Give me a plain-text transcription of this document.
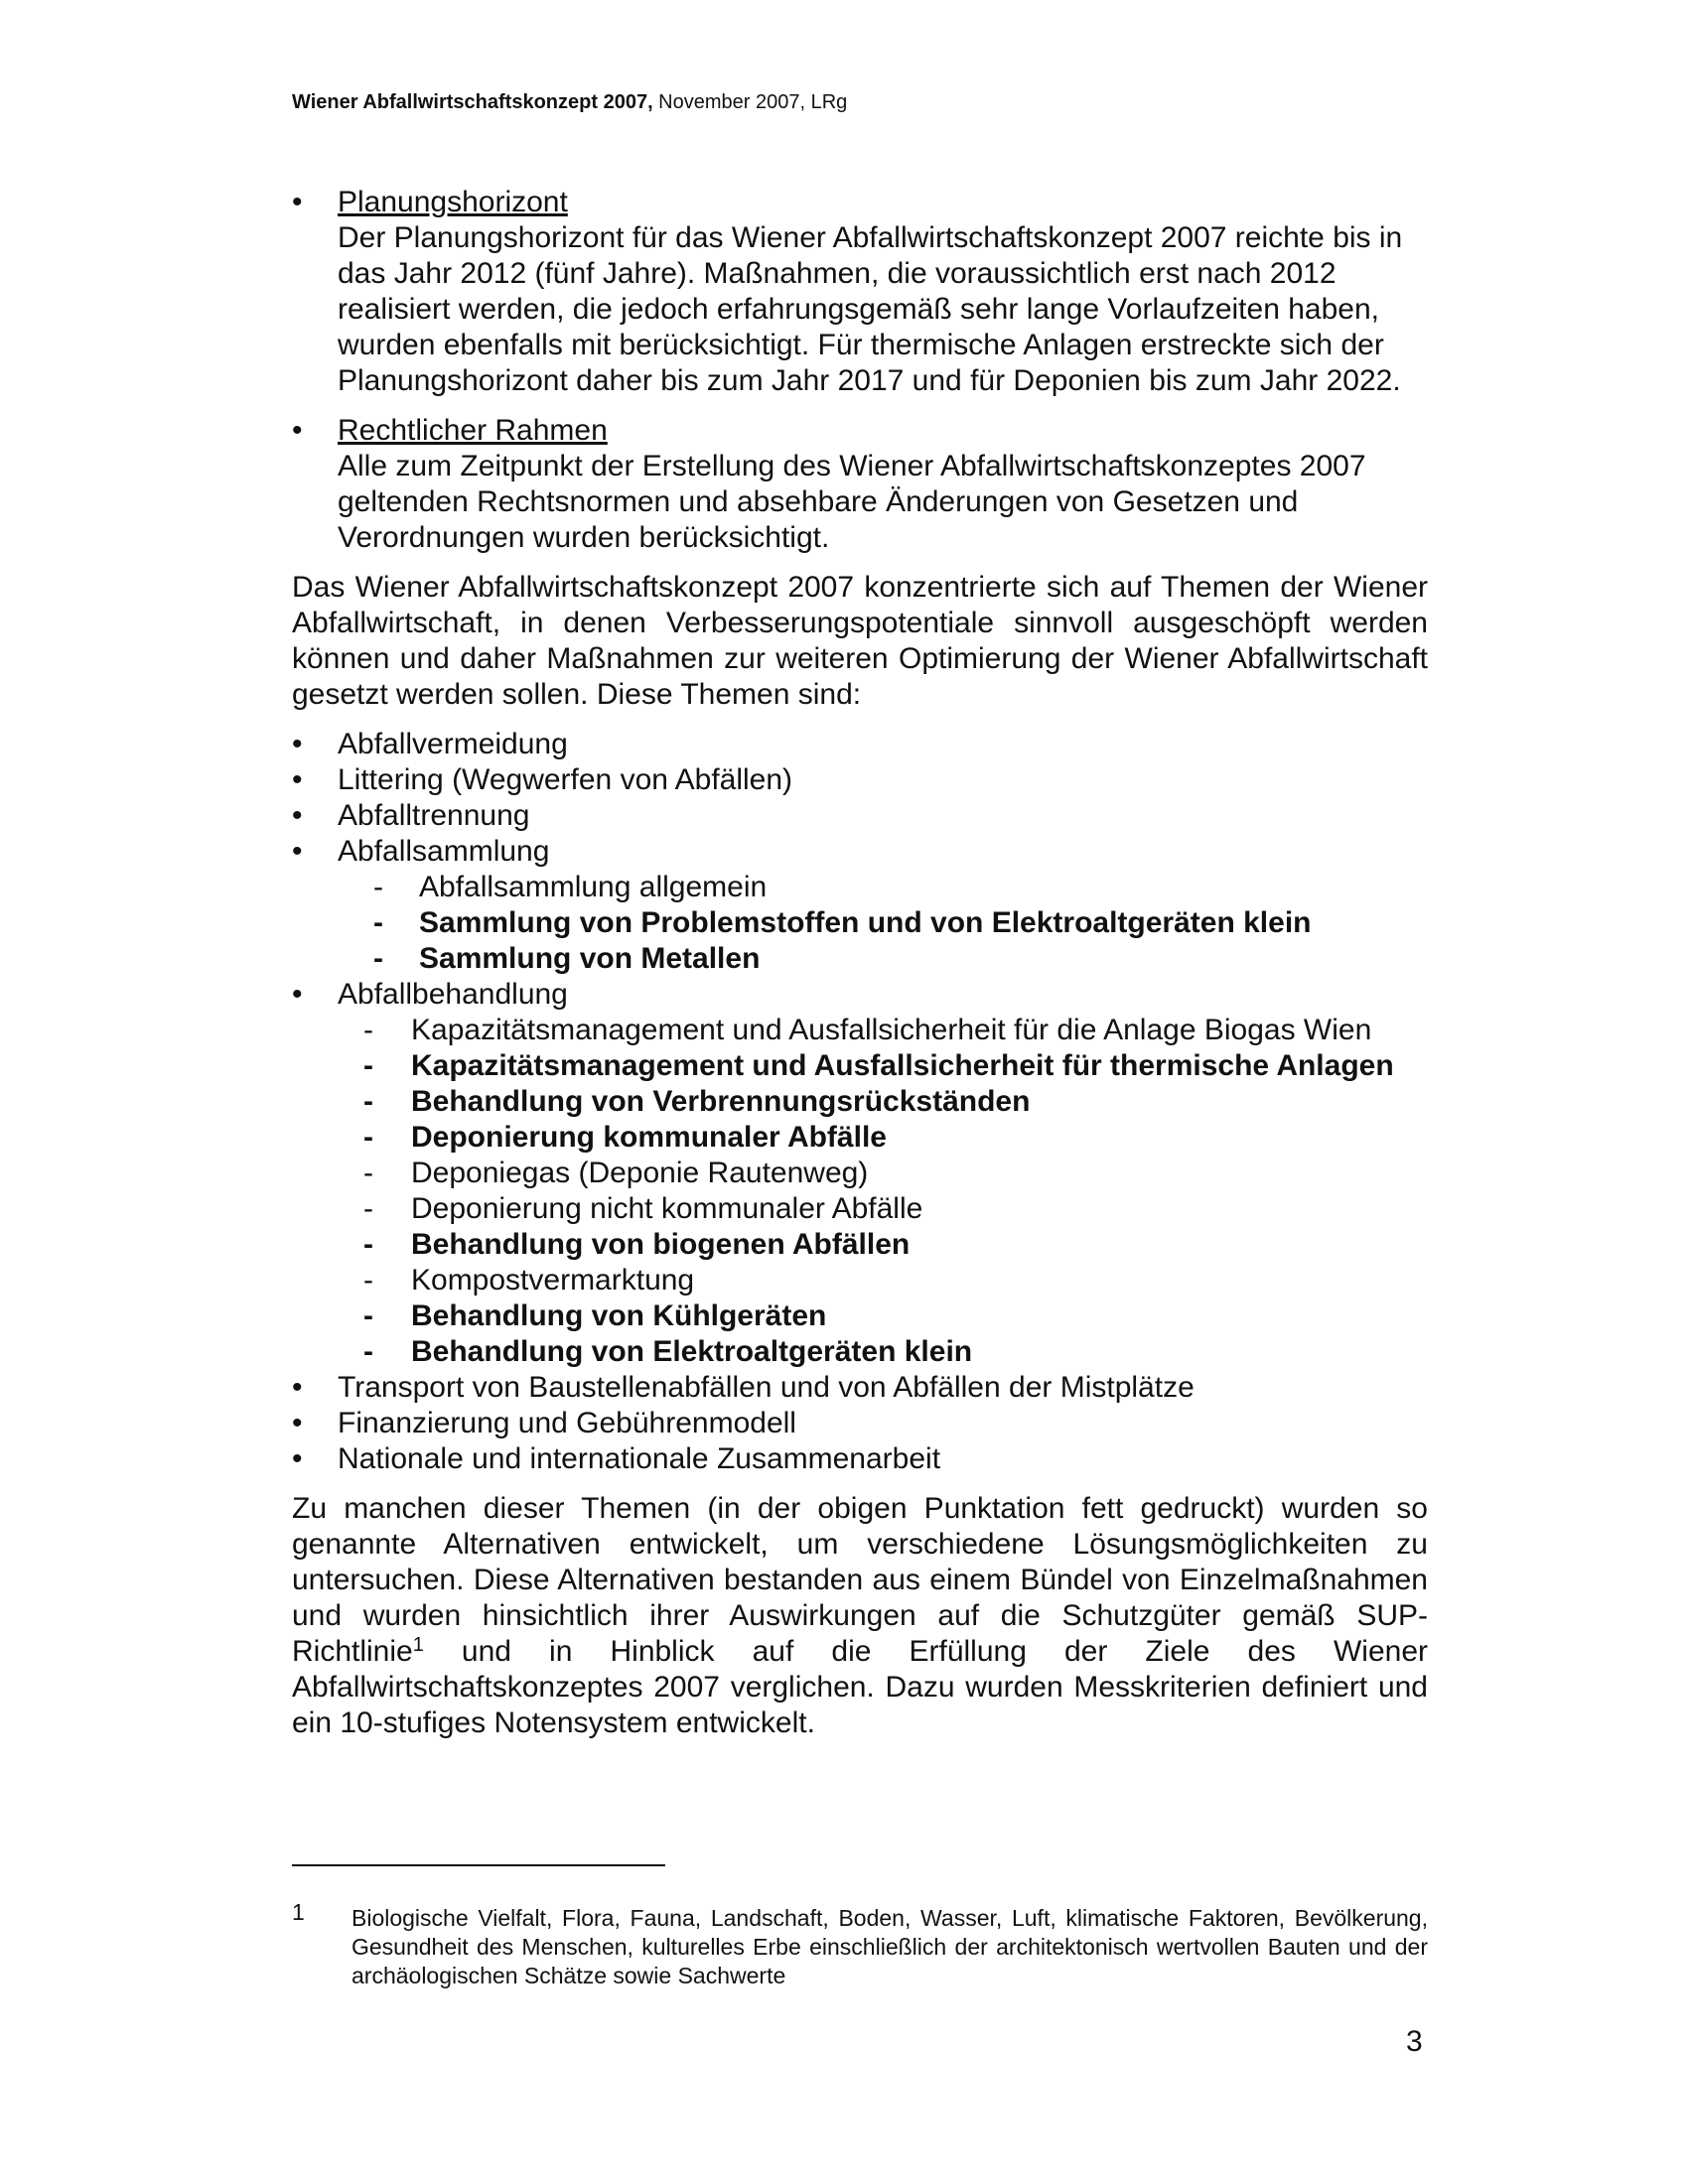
Wiener Abfallwirtschaftskonzept 2007, November 2007, LRg
• Planungshorizont
Der Planungshorizont für das Wiener Abfallwirtschaftskonzept 2007 reichte bis in das Jahr 2012 (fünf Jahre). Maßnahmen, die voraussichtlich erst nach 2012 realisiert werden, die jedoch erfahrungsgemäß sehr lange Vorlaufzeiten haben, wurden ebenfalls mit berücksichtigt. Für thermische Anlagen erstreckte sich der Planungshorizont daher bis zum Jahr 2017 und für Deponien bis zum Jahr 2022.
• Rechtlicher Rahmen
Alle zum Zeitpunkt der Erstellung des Wiener Abfallwirtschaftskonzeptes 2007 geltenden Rechtsnormen und absehbare Änderungen von Gesetzen und Verordnungen wurden berücksichtigt.
Das Wiener Abfallwirtschaftskonzept 2007 konzentrierte sich auf Themen der Wiener Abfallwirtschaft, in denen Verbesserungspotentiale sinnvoll ausgeschöpft werden können und daher Maßnahmen zur weiteren Optimierung der Wiener Abfallwirtschaft gesetzt werden sollen. Diese Themen sind:
• Abfallvermeidung
• Littering (Wegwerfen von Abfällen)
• Abfalltrennung
• Abfallsammlung
- Abfallsammlung allgemein
- Sammlung von Problemstoffen und von Elektroaltgeräten klein
- Sammlung von Metallen
• Abfallbehandlung
- Kapazitätsmanagement und Ausfallsicherheit für die Anlage Biogas Wien
- Kapazitätsmanagement und Ausfallsicherheit für thermische Anlagen
- Behandlung von Verbrennungsrückständen
- Deponierung kommunaler Abfälle
- Deponiegas (Deponie Rautenweg)
- Deponierung nicht kommunaler Abfälle
- Behandlung von biogenen Abfällen
- Kompostvermarktung
- Behandlung von Kühlgeräten
- Behandlung von Elektroaltgeräten klein
• Transport von Baustellenabfällen und von Abfällen der Mistplätze
• Finanzierung und Gebührenmodell
• Nationale und internationale Zusammenarbeit
Zu manchen dieser Themen (in der obigen Punktation fett gedruckt) wurden so genannte Alternativen entwickelt, um verschiedene Lösungsmöglichkeiten zu untersuchen. Diese Alternativen bestanden aus einem Bündel von Einzelmaßnahmen und wurden hinsichtlich ihrer Auswirkungen auf die Schutzgüter gemäß SUP-Richtlinie$^1$ und in Hinblick auf die Erfüllung der Ziele des Wiener Abfallwirtschaftskonzeptes 2007 verglichen. Dazu wurden Messkriterien definiert und ein 10-stufiges Notensystem entwickelt.
1 Biologische Vielfalt, Flora, Fauna, Landschaft, Boden, Wasser, Luft, klimatische Faktoren, Bevölkerung, Gesundheit des Menschen, kulturelles Erbe einschließlich der architektonisch wertvollen Bauten und der archäologischen Schätze sowie Sachwerte
3
